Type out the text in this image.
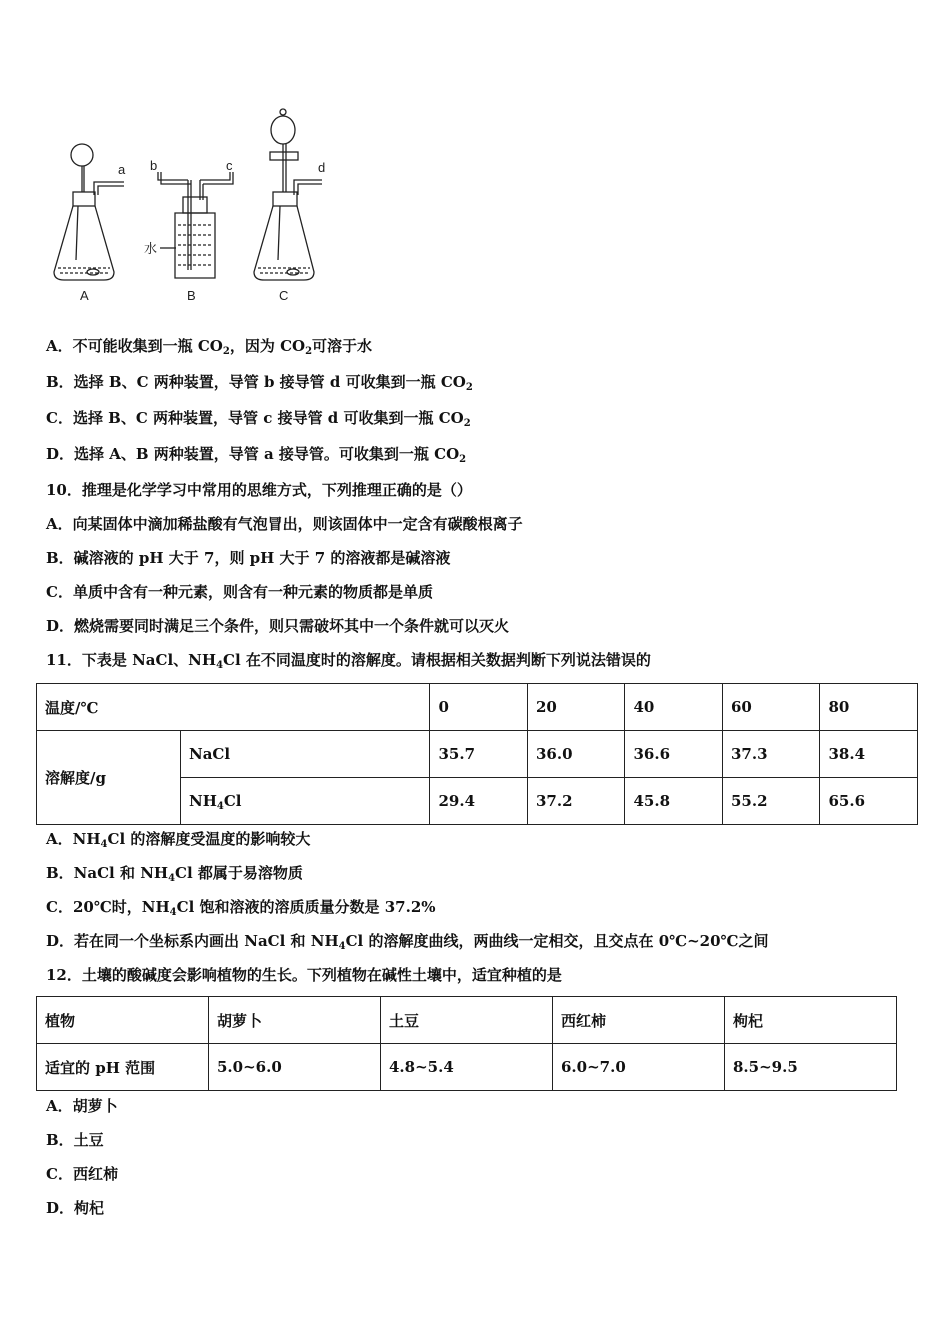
a b	c	d
水
A	B	C
A．不可能收集到一瓶 $CO_2$，因为 $CO_2$可溶于水
B．选择 B、C 两种装置，导管 b 接导管 d 可收集到一瓶 $CO_2$
C．选择 B、C 两种装置，导管 c 接导管 d 可收集到一瓶 $CO_2$
D．选择 A、B 两种装置，导管 a 接导管。可收集到一瓶 $CO_2$
10．推理是化学学习中常用的思维方式，下列推理正确的是（）
A．向某固体中滴加稀盐酸有气泡冒出，则该固体中一定含有碳酸根离子
B．碱溶液的 pH 大于 7，则 pH 大于 7 的溶液都是碱溶液
C．单质中含有一种元素，则含有一种元素的物质都是单质
D．燃烧需要同时满足三个条件，则只需破坏其中一个条件就可以灭火
11．下表是 NaCl、$NH_4Cl$ 在不同温度时的溶解度。请根据相关数据判断下列说法错误的
温度/℃		0	20	40	60	80
溶解度/g	NaCl	35.7	36.0	36.6	37.3	38.4
	$NH_4Cl$	29.4	37.2	45.8	55.2	65.6
A．$NH_4Cl$ 的溶解度受温度的影响较大
B．NaCl 和 $NH_4Cl$ 都属于易溶物质
C．20℃时，$NH_4Cl$ 饱和溶液的溶质质量分数是 37.2%
D．若在同一个坐标系内画出 NaCl 和 $NH_4Cl$ 的溶解度曲线，两曲线一定相交，且交点在 0℃~20℃之间
12．土壤的酸碱度会影响植物的生长。下列植物在碱性土壤中，适宜种植的是
植物	胡萝卜	土豆	西红柿	枸杞
适宜的 pH 范围	5.0~6.0	4.8~5.4	6.0~7.0	8.5~9.5
A．胡萝卜
B．土豆
C．西红柿
D．枸杞
